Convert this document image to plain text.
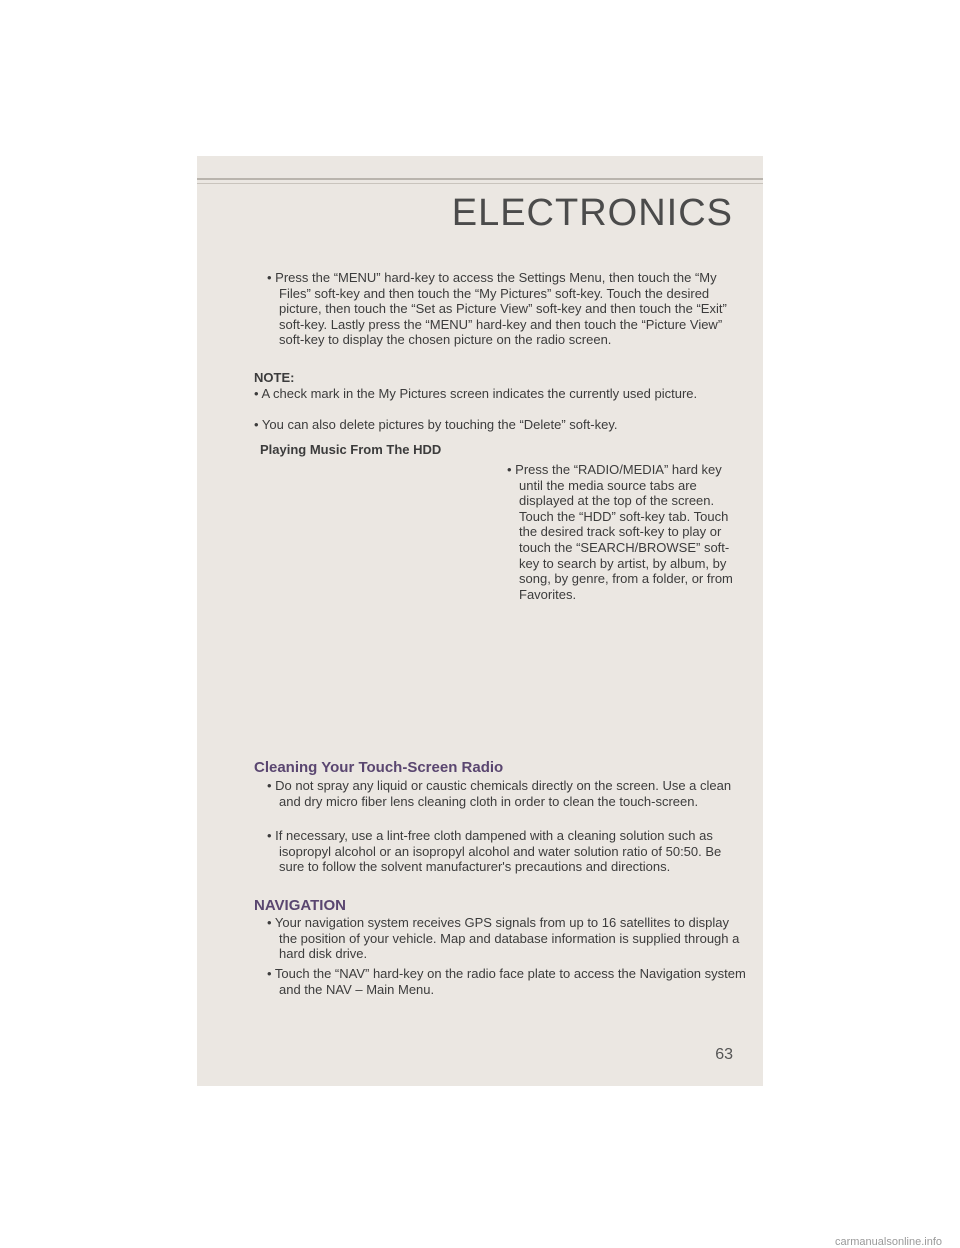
ELECTRONICS
• Press the “MENU” hard-key to access the Settings Menu, then touch the “My Files” soft-key and then touch the “My Pictures” soft-key. Touch the desired picture, then touch the “Set as Picture View” soft-key and then touch the “Exit” soft-key. Lastly press the “MENU” hard-key and then touch the “Picture View” soft-key to display the chosen picture on the radio screen.
NOTE:
• A check mark in the My Pictures screen indicates the currently used picture.
• You can also delete pictures by touching the “Delete” soft-key.
Playing Music From The HDD
• Press the “RADIO/MEDIA” hard key until the media source tabs are displayed at the top of the screen. Touch the “HDD” soft-key tab. Touch the desired track soft-key to play or touch the “SEARCH/BROWSE” soft-key to search by artist, by album, by song, by genre, from a folder, or from Favorites.
Cleaning Your Touch-Screen Radio
• Do not spray any liquid or caustic chemicals directly on the screen. Use a clean and dry micro fiber lens cleaning cloth in order to clean the touch-screen.
• If necessary, use a lint-free cloth dampened with a cleaning solution such as isopropyl alcohol or an isopropyl alcohol and water solution ratio of 50:50. Be sure to follow the solvent manufacturer's precautions and directions.
NAVIGATION
• Your navigation system receives GPS signals from up to 16 satellites to display the position of your vehicle. Map and database information is supplied through a hard disk drive.
• Touch the “NAV” hard-key on the radio face plate to access the Navigation system and the NAV – Main Menu.
63
carmanualsonline.info
